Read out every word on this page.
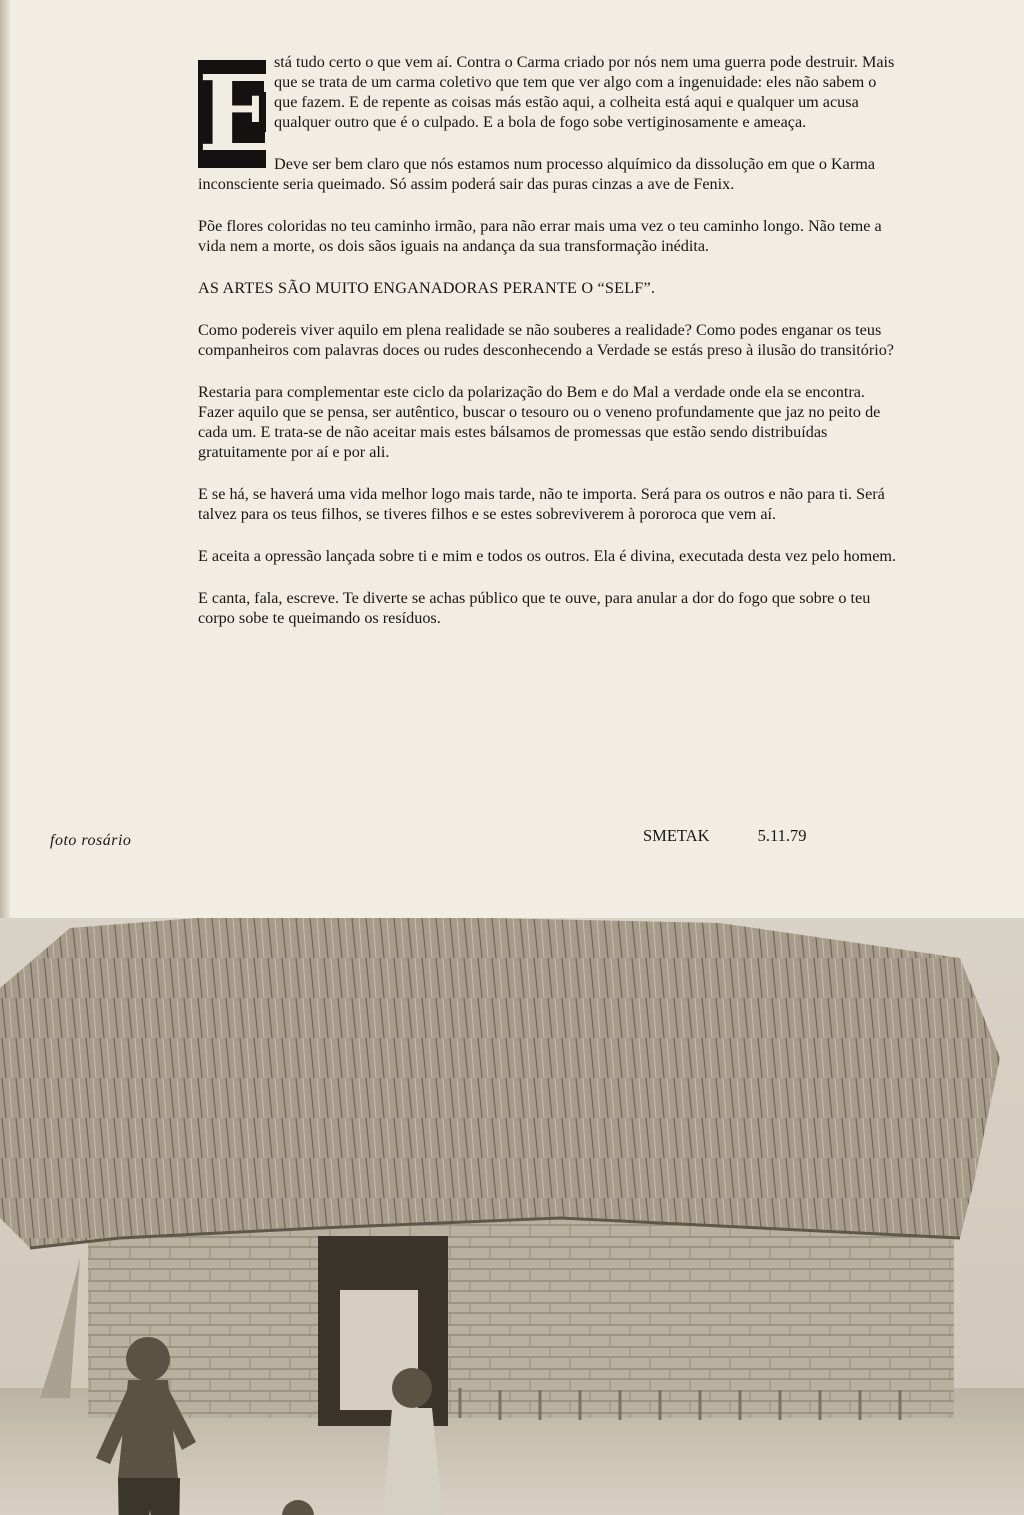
E
stá tudo certo o que vem aí. Contra o Carma criado por nós nem uma guerra pode destruir. Mais que se trata de um carma coletivo que tem que ver algo com a ingenuidade: eles não sabem o que fazem. E de repente as coisas más estão aqui, a colheita está aqui e qualquer um acusa qualquer outro que é o culpado. E a bola de fogo sobe vertiginosamente e ameaça.

Deve ser bem claro que nós estamos num processo alquímico da dissolução em que o Karma inconsciente seria queimado. Só assim poderá sair das puras cinzas a ave de Fenix.

Põe flores coloridas no teu caminho irmão, para não errar mais uma vez o teu caminho longo. Não teme a vida nem a morte, os dois sãos iguais na andança da sua transformação inédita.

AS ARTES SÃO MUITO ENGANADORAS PERANTE O “SELF”.

Como podereis viver aquilo em plena realidade se não souberes a realidade? Como podes enganar os teus companheiros com palavras doces ou rudes desconhecendo a Verdade se estás preso à ilusão do transitório?

Restaria para complementar este ciclo da polarização do Bem e do Mal a verdade onde ela se encontra. Fazer aquilo que se pensa, ser autêntico, buscar o tesouro ou o veneno profundamente que jaz no peito de cada um. E trata-se de não aceitar mais estes bálsamos de promessas que estão sendo distribuídas gratuitamente por aí e por ali.

E se há, se haverá uma vida melhor logo mais tarde, não te importa. Será para os outros e não para ti. Será talvez para os teus filhos, se tiveres filhos e se estes sobreviverem à pororoca que vem aí.

E aceita a opressão lançada sobre ti e mim e todos os outros. Ela é divina, executada desta vez pelo homem.

E canta, fala, escreve. Te diverte se achas público que te ouve, para anular a dor do fogo que sobre o teu corpo sobe te queimando os resíduos.

foto rosário	SMETAK	5.11.79
